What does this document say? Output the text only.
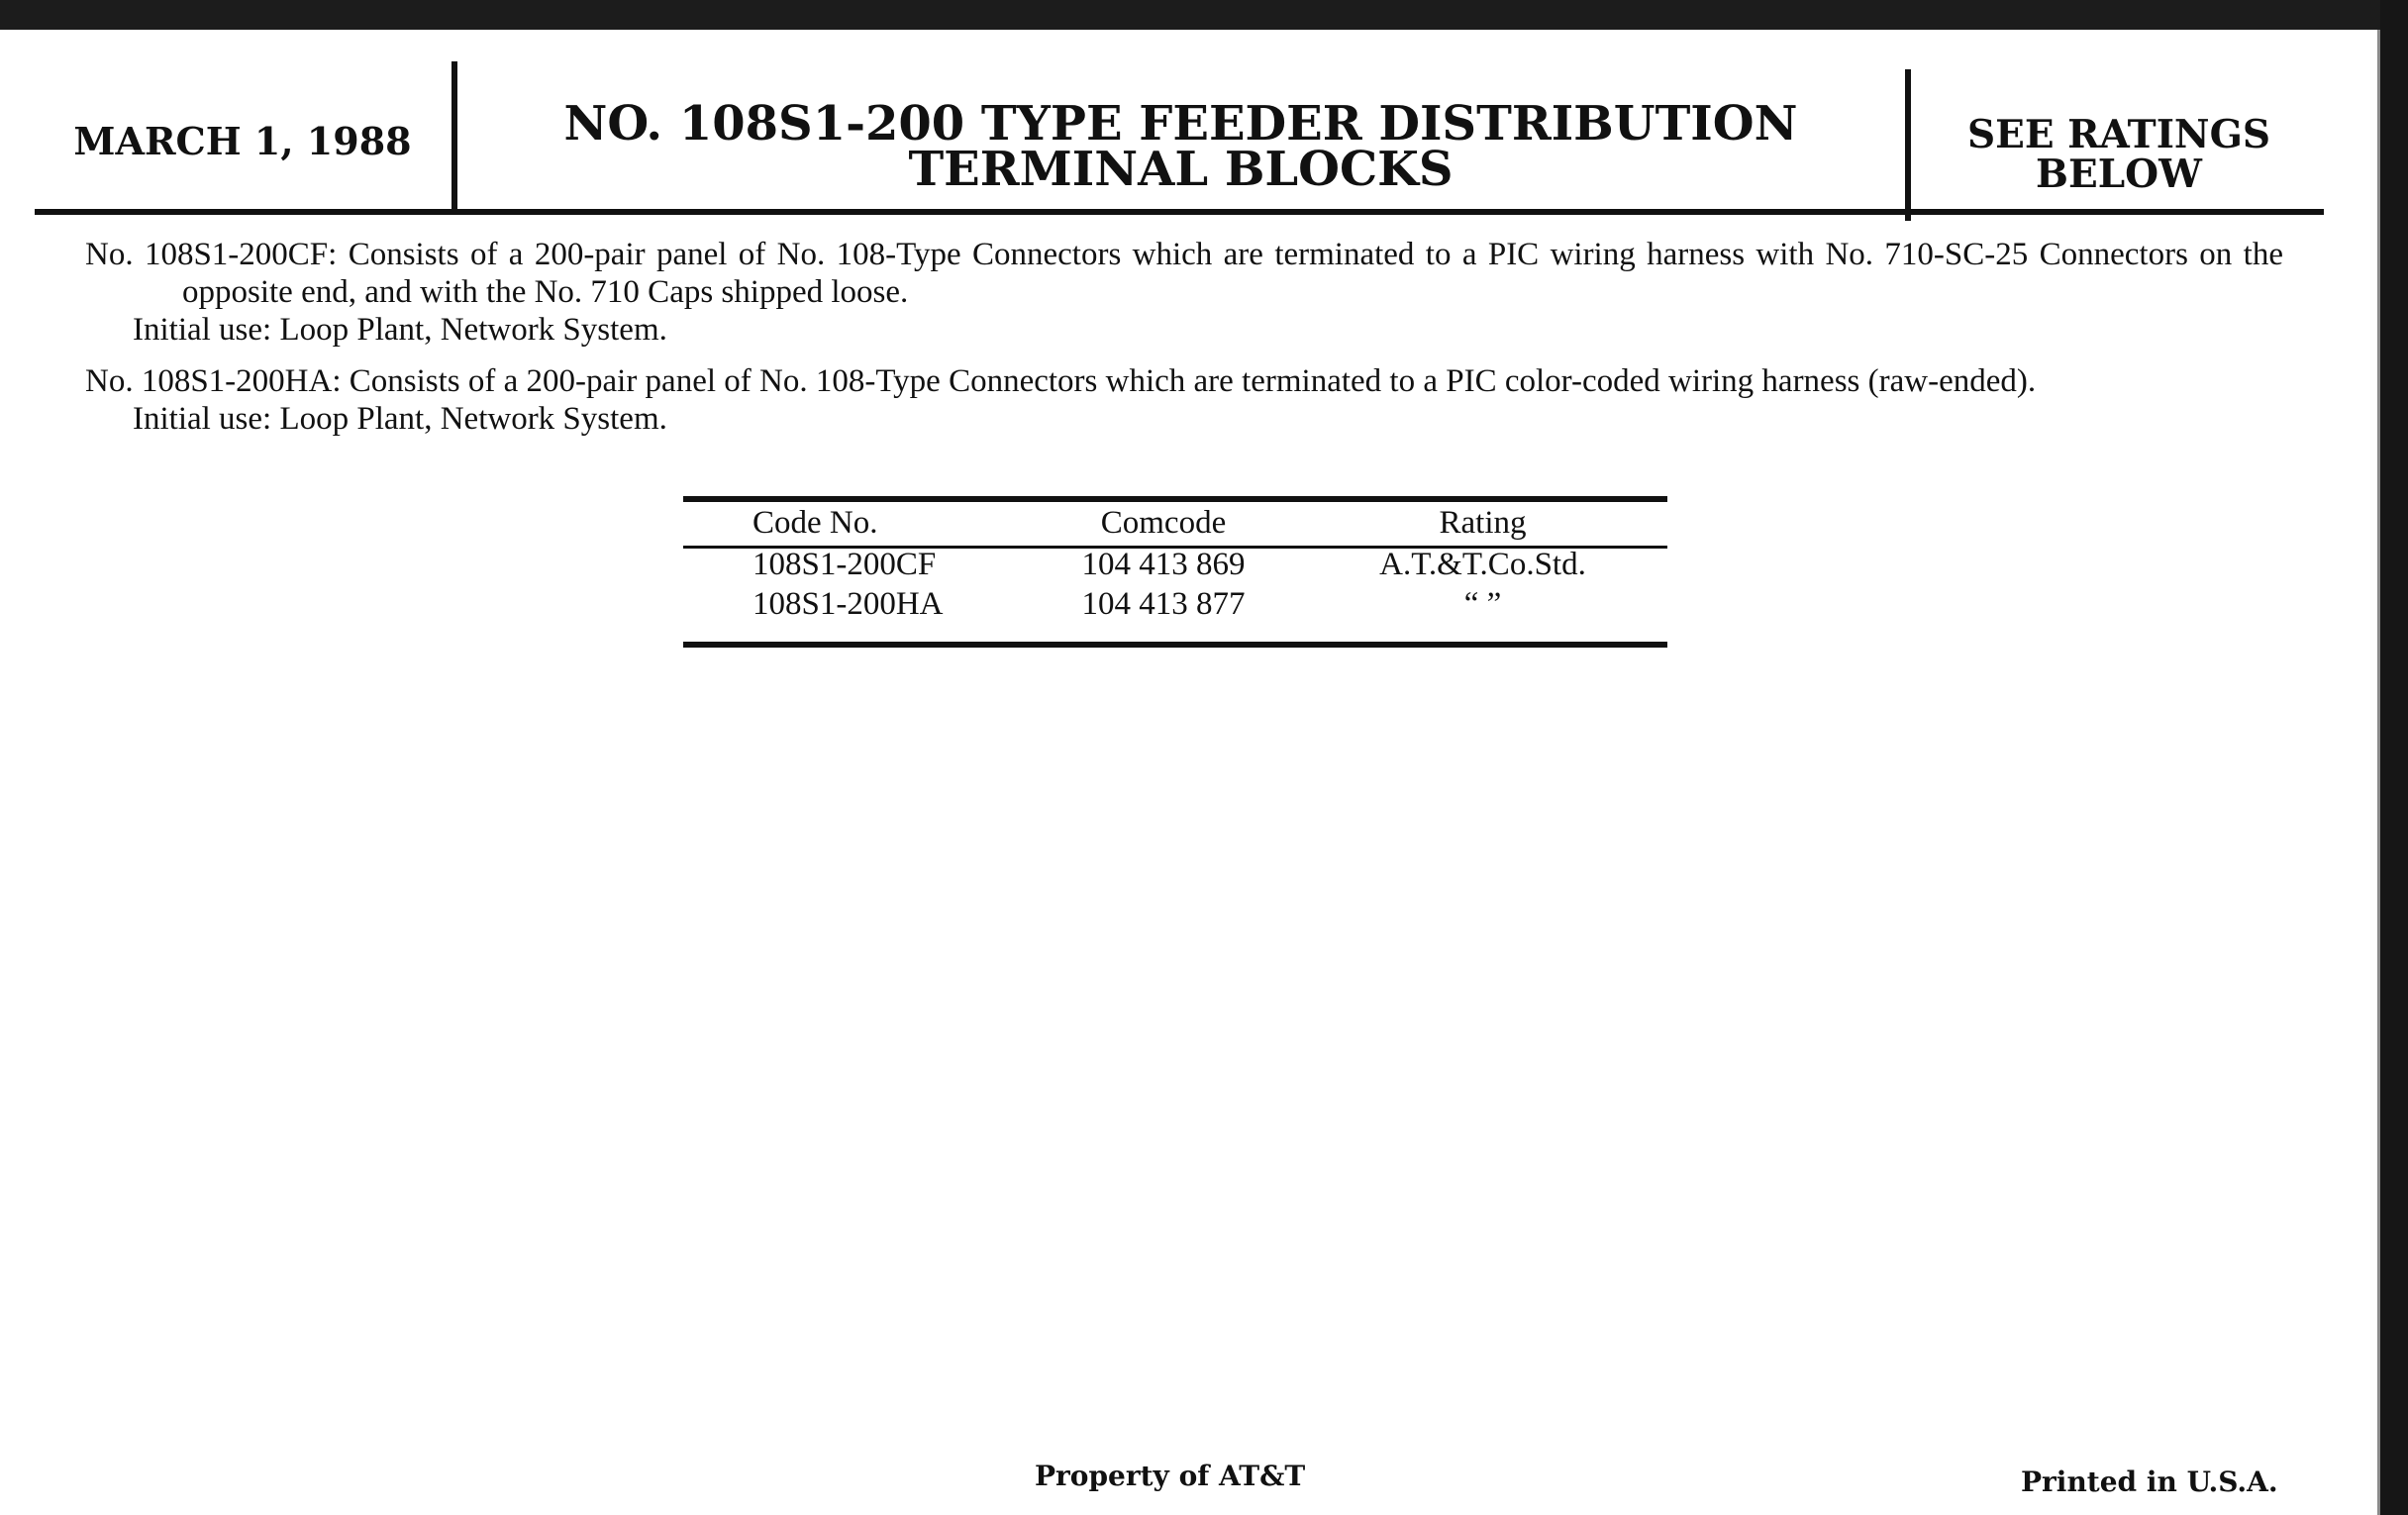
MARCH 1, 1988	NO. 108S1-200 TYPE FEEDER DISTRIBUTION
TERMINAL BLOCKS
SEE RATINGS
BELOW
No. 108S1-200CF: Consists of a 200-pair panel of No. 108-Type Connectors which are terminated to a PIC wiring harness with No. 710-SC-25 Connectors on the opposite end, and with the No. 710 Caps shipped loose.
Initial use: Loop Plant, Network System.
No. 108S1-200HA: Consists of a 200-pair panel of No. 108-Type Connectors which are terminated to a PIC color-coded wiring harness (raw-ended).
Initial use: Loop Plant, Network System.
Code No.	Comcode	Rating
108S1-200CF	104 413 869	A.T.&T.Co.Std.
108S1-200HA	104 413 877	“ ”
Property of AT&T	Printed in U.S.A.
